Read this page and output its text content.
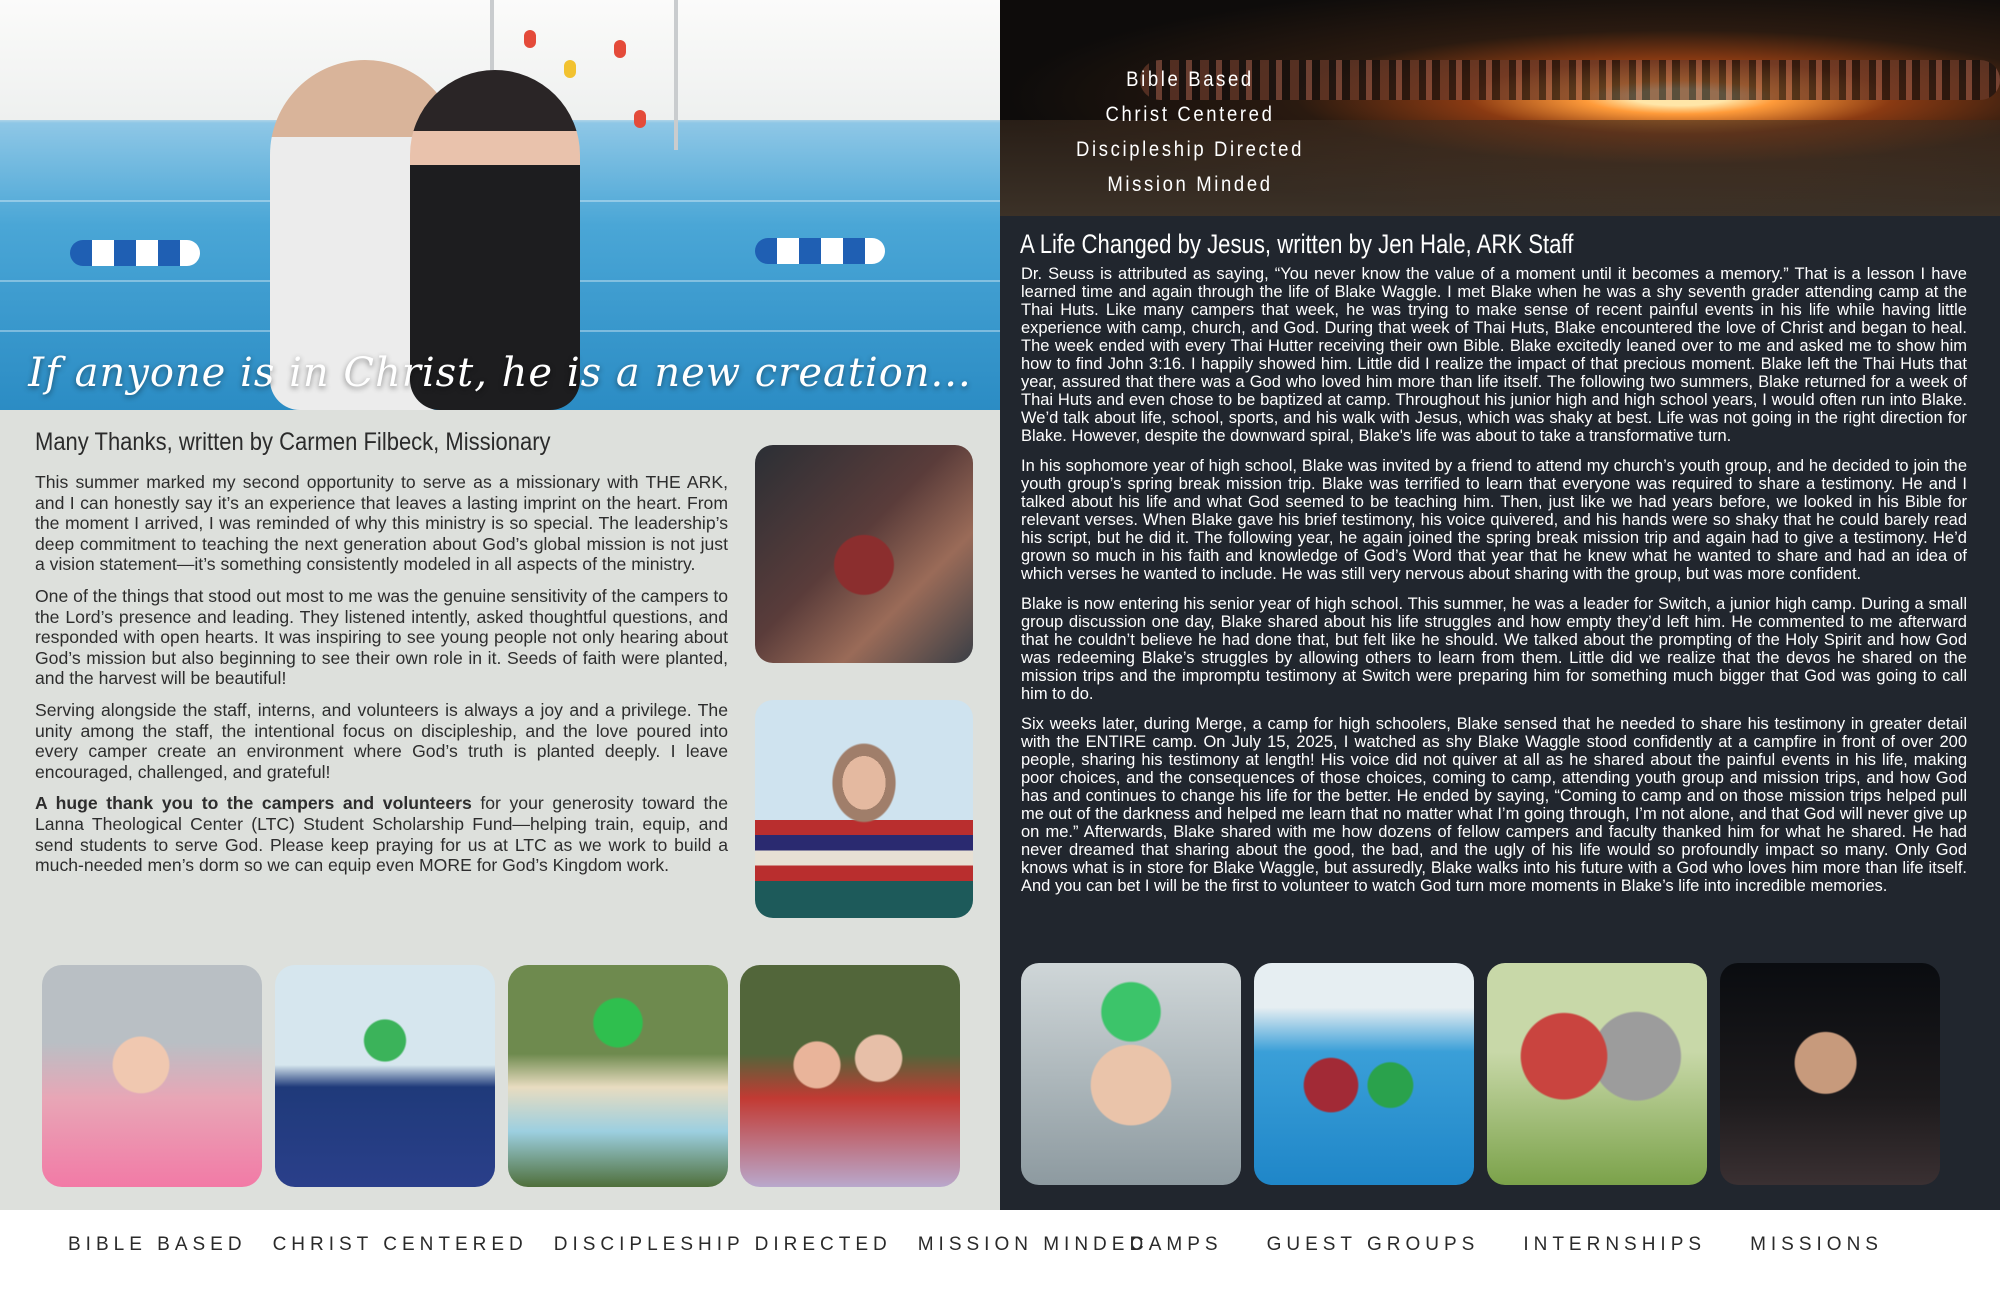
If anyone is in Christ, he is a new creation...
Many Thanks, written by Carmen Filbeck, Missionary

This summer marked my second opportunity to serve as a missionary with THE ARK, and I can honestly say it’s an experience that leaves a lasting imprint on the heart. From the moment I arrived, I was reminded of why this ministry is so special. The leadership’s deep commitment to teaching the next generation about God’s global mission is not just a vision statement—it’s something consistently modeled in all aspects of the ministry.

One of the things that stood out most to me was the genuine sensitivity of the campers to the Lord’s presence and leading. They listened intently, asked thoughtful questions, and responded with open hearts. It was inspiring to see young people not only hearing about God’s mission but also beginning to see their own role in it. Seeds of faith were planted, and the harvest will be beautiful!

Serving alongside the staff, interns, and volunteers is always a joy and a privilege. The unity among the staff, the intentional focus on discipleship, and the love poured into every camper create an environment where God’s truth is planted deeply. I leave encouraged, challenged, and grateful!

A huge thank you to the campers and volunteers for your generosity toward the Lanna Theological Center (LTC) Student Scholarship Fund—helping train, equip, and send students to serve God. Please keep praying for us at LTC as we work to build a much-needed men’s dorm so we can equip even MORE for God’s Kingdom work.

Bible Based
Christ Centered
Discipleship Directed
Mission Minded
A Life Changed by Jesus, written by Jen Hale, ARK Staff

Dr. Seuss is attributed as saying, “You never know the value of a moment until it becomes a memory.” That is a lesson I have learned time and again through the life of Blake Waggle. I met Blake when he was a shy seventh grader attending camp at the Thai Huts. Like many campers that week, he was trying to make sense of recent painful events in his life while having little experience with camp, church, and God. During that week of Thai Huts, Blake encountered the love of Christ and began to heal. The week ended with every Thai Hutter receiving their own Bible. Blake excitedly leaned over to me and asked me to show him how to find John 3:16. I happily showed him. Little did I realize the impact of that precious moment. Blake left the Thai Huts that year, assured that there was a God who loved him more than life itself. The following two summers, Blake returned for a week of Thai Huts and even chose to be baptized at camp. Throughout his junior high and high school years, I would often run into Blake. We’d talk about life, school, sports, and his walk with Jesus, which was shaky at best. Life was not going in the right direction for Blake. However, despite the downward spiral, Blake's life was about to take a transformative turn.

In his sophomore year of high school, Blake was invited by a friend to attend my church’s youth group, and he decided to join the youth group’s spring break mission trip. Blake was terrified to learn that everyone was required to share a testimony. He and I talked about his life and what God seemed to be teaching him. Then, just like we had years before, we looked in his Bible for relevant verses. When Blake gave his brief testimony, his voice quivered, and his hands were so shaky that he could barely read his script, but he did it. The following year, he again joined the spring break mission trip and again had to give a testimony. He’d grown so much in his faith and knowledge of God’s Word that year that he knew what he wanted to share and had an idea of which verses he wanted to include. He was still very nervous about sharing with the group, but was more confident.

Blake is now entering his senior year of high school. This summer, he was a leader for Switch, a junior high camp. During a small group discussion one day, Blake shared about his life struggles and how empty they’d left him. He commented to me afterward that he couldn’t believe he had done that, but felt like he should. We talked about the prompting of the Holy Spirit and how God was redeeming Blake’s struggles by allowing others to learn from them. Little did we realize that the devos he shared on the mission trips and the impromptu testimony at Switch were preparing him for something much bigger that God was going to call him to do.

Six weeks later, during Merge, a camp for high schoolers, Blake sensed that he needed to share his testimony in greater detail with the ENTIRE camp. On July 15, 2025, I watched as shy Blake Waggle stood confidently at a campfire in front of over 200 people, sharing his testimony at length! His voice did not quiver at all as he shared about the painful events in his life, making poor choices, and the consequences of those choices, coming to camp, attending youth group and mission trips, and how God has and continues to change his life for the better. He ended by saying, “Coming to camp and on those mission trips helped pull me out of the darkness and helped me learn that no matter what I’m going through, I’m not alone, and that God will never give up on me.” Afterwards, Blake shared with me how dozens of fellow campers and faculty thanked him for what he shared. He had never dreamed that sharing about the good, the bad, and the ugly of his life would so profoundly impact so many. Only God knows what is in store for Blake Waggle, but assuredly, Blake walks into his future with a God who loves him more than life itself. And you can bet I will be the first to volunteer to watch God turn more moments in Blake’s life into incredible memories.

BIBLE BASED CHRIST CENTERED DISCIPLESHIP DIRECTED MISSION MINDED
CAMPS GUEST GROUPS INTERNSHIPS MISSIONS
